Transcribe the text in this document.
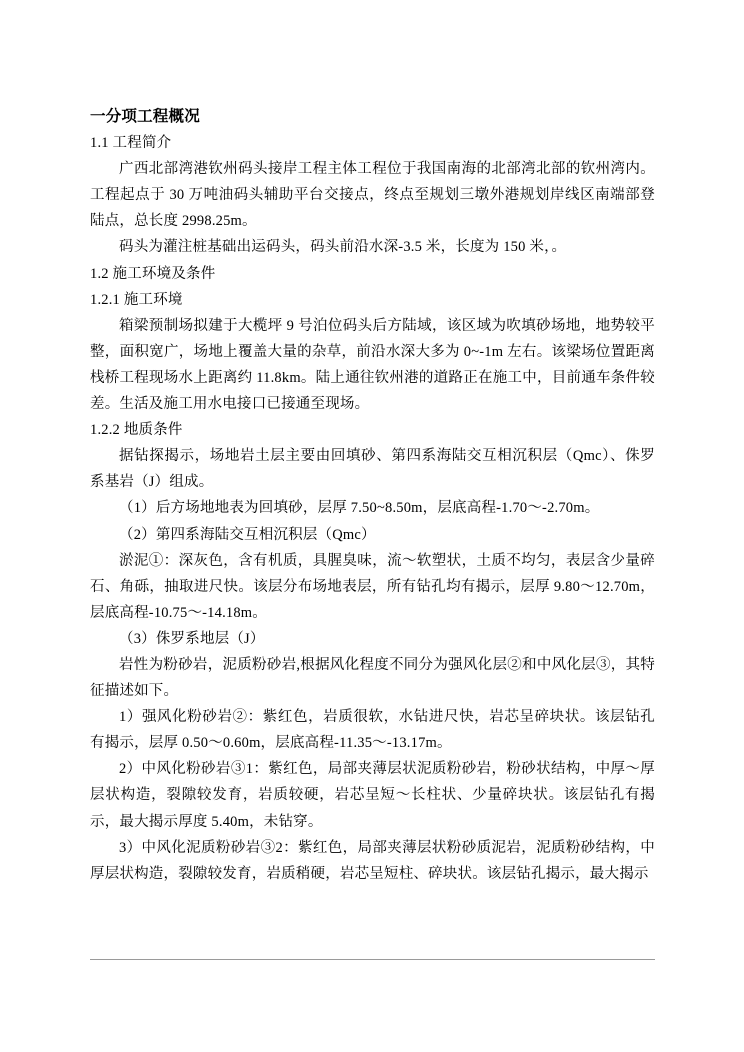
一分项工程概况

1.1 工程简介

广西北部湾港钦州码头接岸工程主体工程位于我国南海的北部湾北部的钦州湾内。工程起点于 30 万吨油码头辅助平台交接点，终点至规划三墩外港规划岸线区南端部登陆点，总长度 2998.25m。

码头为灌注桩基础出运码头，码头前沿水深-3.5 米，长度为 150 米，。

1.2 施工环境及条件

1.2.1 施工环境

箱梁预制场拟建于大榄坪 9 号泊位码头后方陆域，该区域为吹填砂场地，地势较平整，面积宽广，场地上覆盖大量的杂草，前沿水深大多为 0~-1m 左右。该梁场位置距离栈桥工程现场水上距离约 11.8km。陆上通往钦州港的道路正在施工中，目前通车条件较差。生活及施工用水电接口已接通至现场。

1.2.2 地质条件

据钻探揭示，场地岩土层主要由回填砂、第四系海陆交互相沉积层（Qmc）、侏罗系基岩（J）组成。

（1）后方场地地表为回填砂，层厚 7.50~8.50m，层底高程-1.70～-2.70m。

（2）第四系海陆交互相沉积层（Qmc）

淤泥①：深灰色，含有机质，具腥臭味，流～软塑状，土质不均匀，表层含少量碎石、角砾，抽取进尺快。该层分布场地表层，所有钻孔均有揭示，层厚 9.80～12.70m，层底高程-10.75～-14.18m。

（3）侏罗系地层（J）

岩性为粉砂岩，泥质粉砂岩,根据风化程度不同分为强风化层②和中风化层③，其特征描述如下。

1）强风化粉砂岩②：紫红色，岩质很软，水钻进尺快，岩芯呈碎块状。该层钻孔有揭示，层厚 0.50～0.60m，层底高程-11.35～-13.17m。

2）中风化粉砂岩③1：紫红色，局部夹薄层状泥质粉砂岩，粉砂状结构，中厚～厚层状构造，裂隙较发育，岩质较硬，岩芯呈短～长柱状、少量碎块状。该层钻孔有揭示，最大揭示厚度 5.40m，未钻穿。

3）中风化泥质粉砂岩③2：紫红色，局部夹薄层状粉砂质泥岩，泥质粉砂结构，中厚层状构造，裂隙较发育，岩质稍硬，岩芯呈短柱、碎块状。该层钻孔揭示，最大揭示
